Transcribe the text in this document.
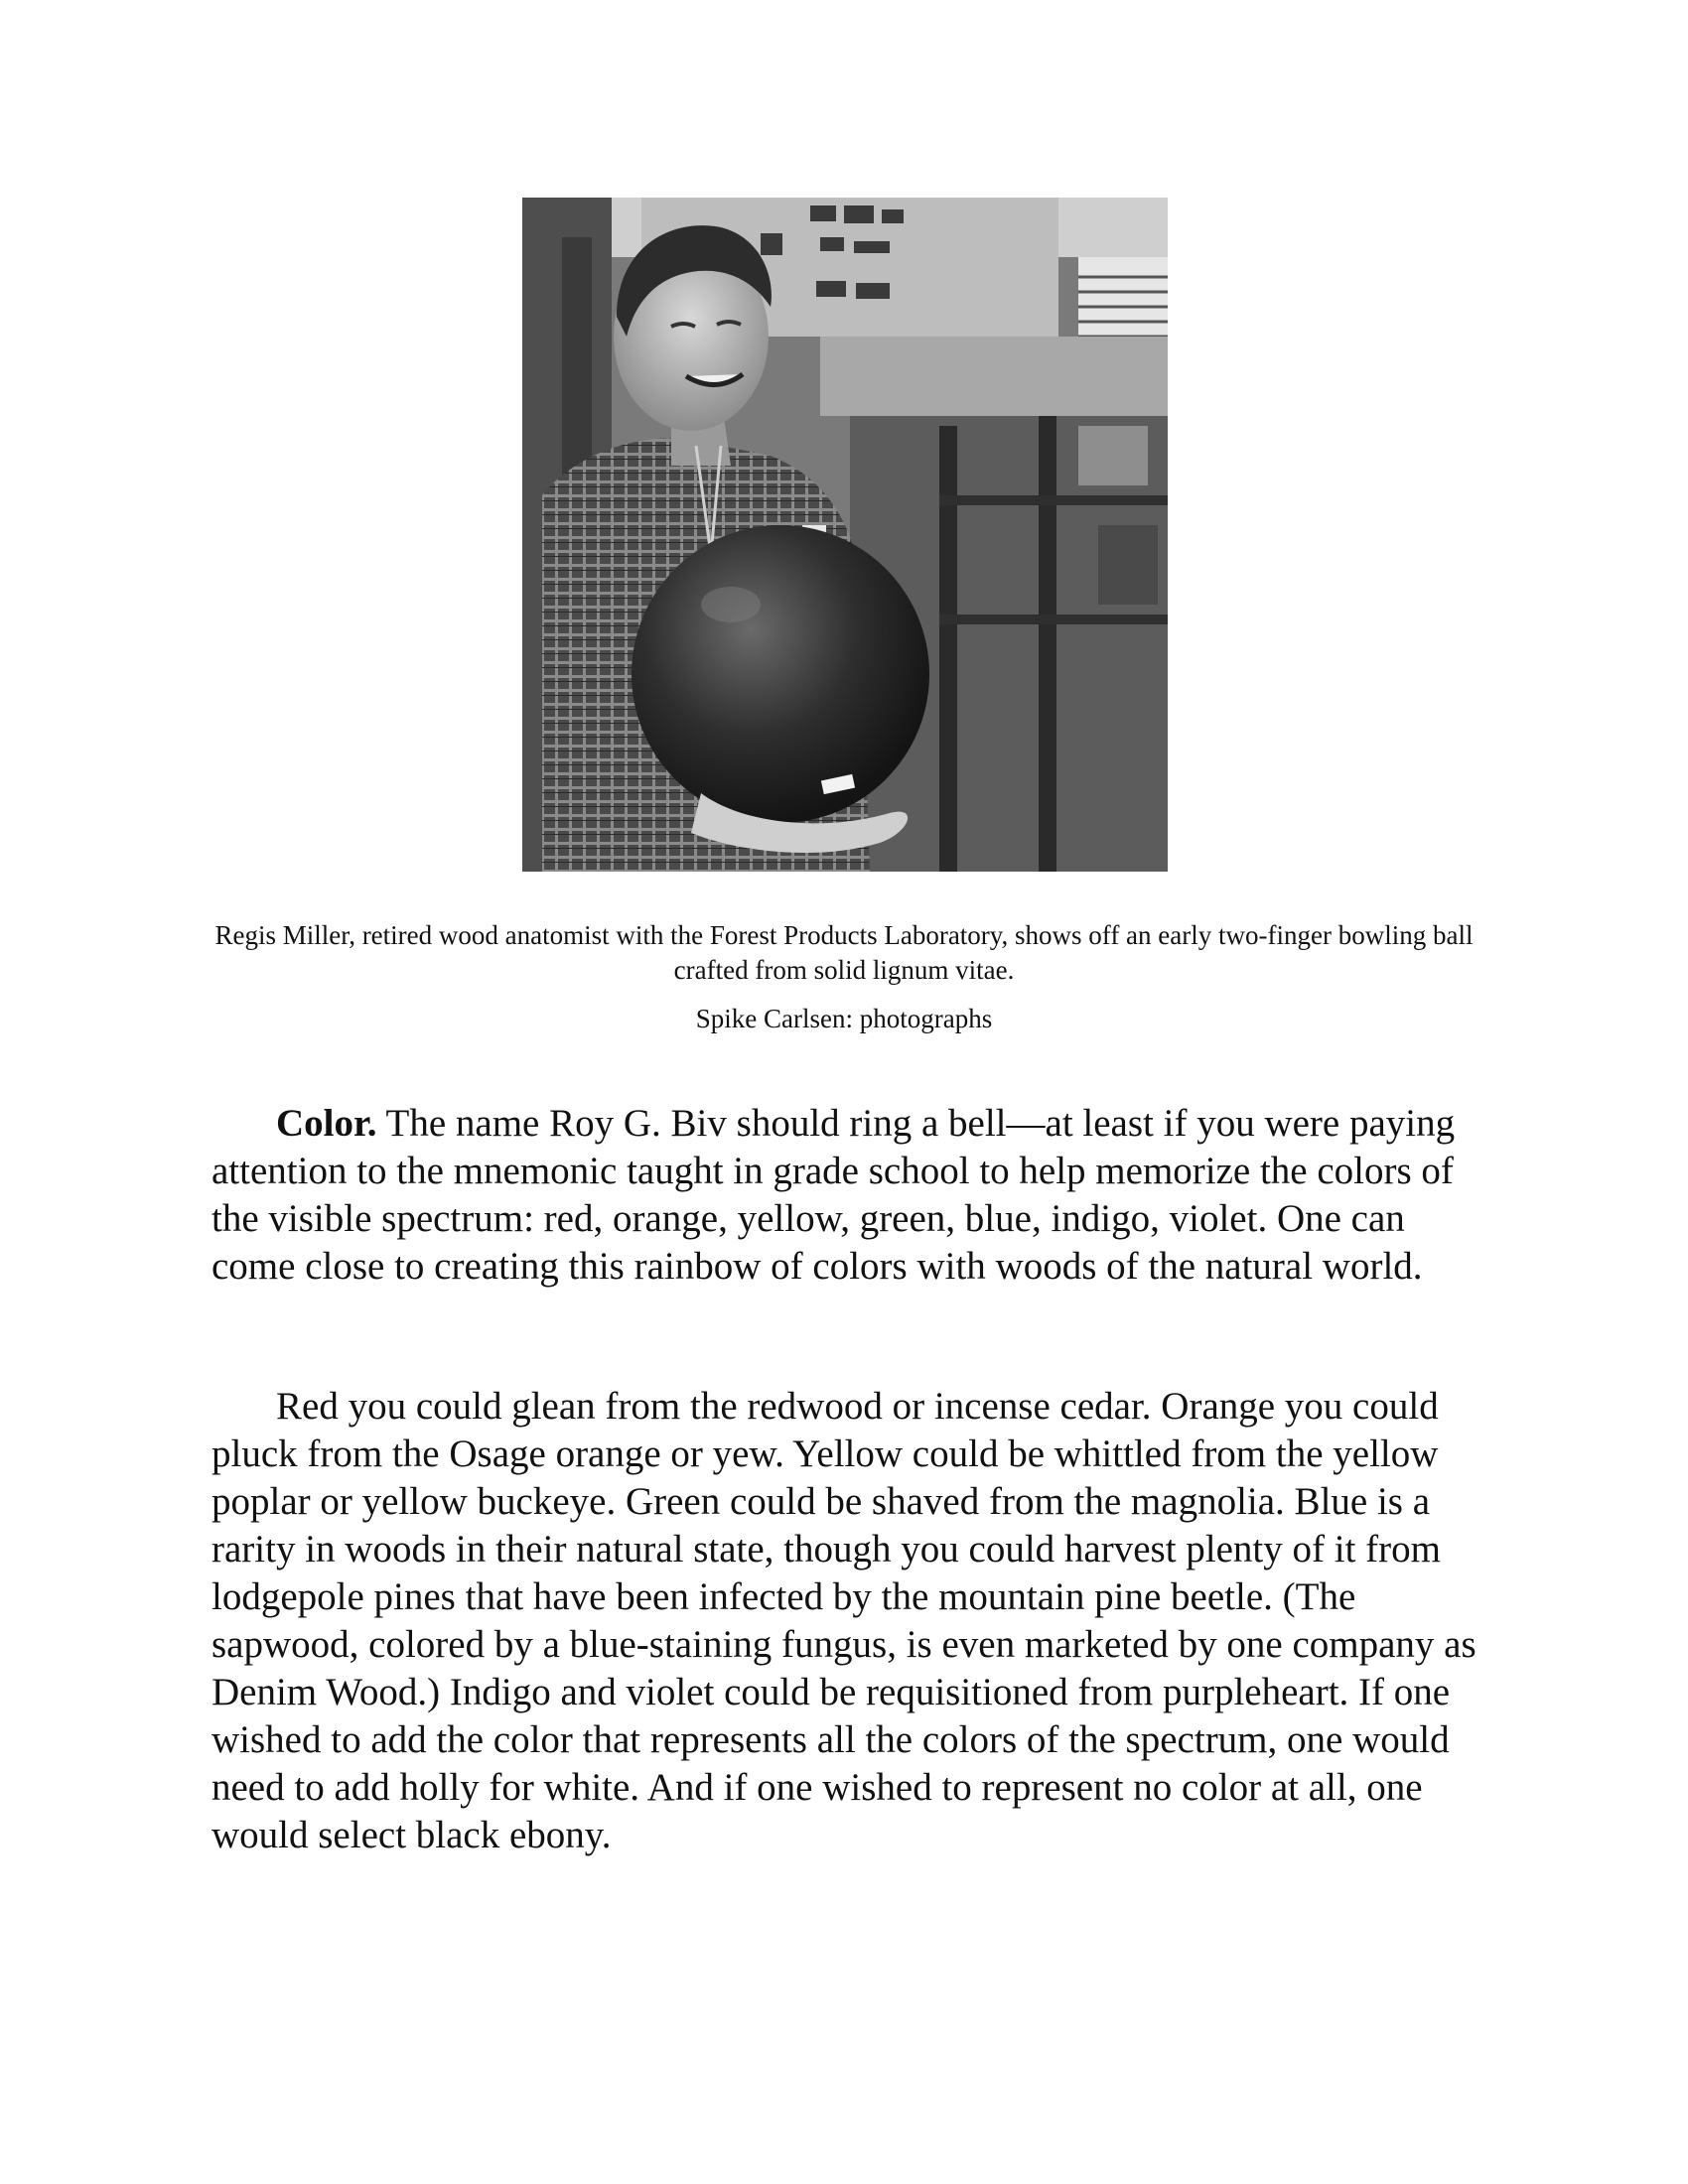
Regis Miller, retired wood anatomist with the Forest Products Laboratory, shows off an early two-finger bowling ball crafted from solid lignum vitae.
Spike Carlsen: photographs

Color. The name Roy G. Biv should ring a bell—at least if you were paying attention to the mnemonic taught in grade school to help memorize the colors of the visible spectrum: red, orange, yellow, green, blue, indigo, violet. One can come close to creating this rainbow of colors with woods of the natural world.

Red you could glean from the redwood or incense cedar. Orange you could pluck from the Osage orange or yew. Yellow could be whittled from the yellow poplar or yellow buckeye. Green could be shaved from the magnolia. Blue is a rarity in woods in their natural state, though you could harvest plenty of it from lodgepole pines that have been infected by the mountain pine beetle. (The sapwood, colored by a blue-staining fungus, is even marketed by one company as Denim Wood.) Indigo and violet could be requisitioned from purpleheart. If one wished to add the color that represents all the colors of the spectrum, one would need to add holly for white. And if one wished to represent no color at all, one would select black ebony.
